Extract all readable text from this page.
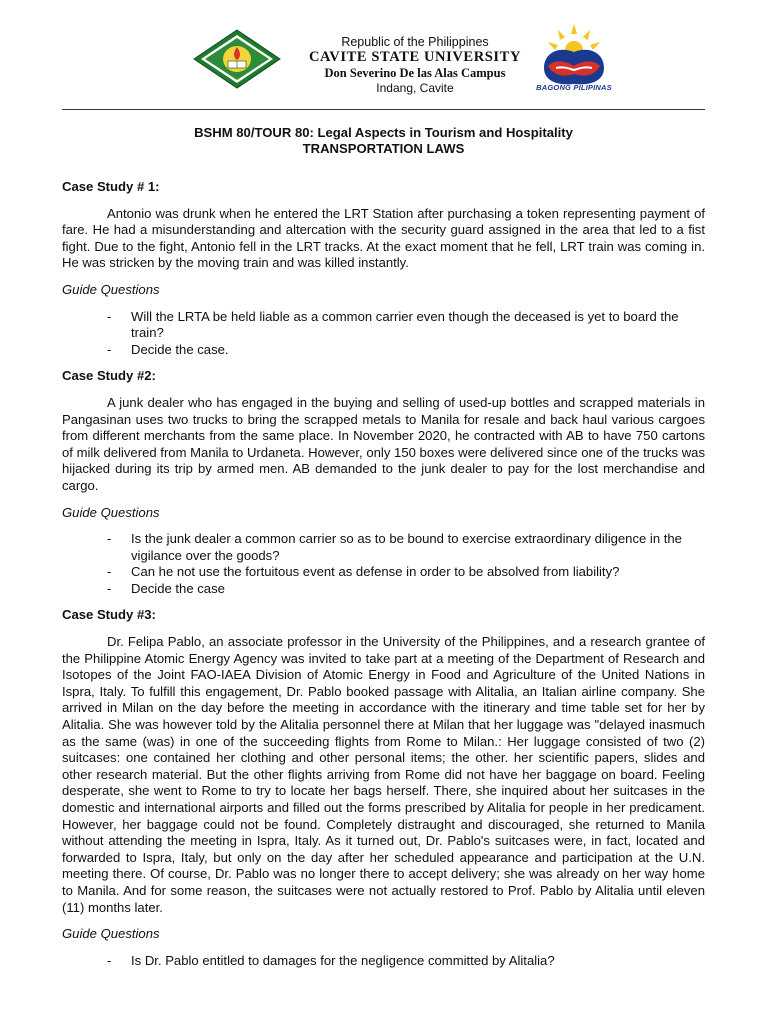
Republic of the Philippines
CAVITE STATE UNIVERSITY
Don Severino De las Alas Campus
Indang, Cavite	BAGONG PILIPINAS

BSHM 80/TOUR 80: Legal Aspects in Tourism and Hospitality

TRANSPORTATION LAWS

Case Study # 1:

Antonio was drunk when he entered the LRT Station after purchasing a token representing payment of fare. He had a misunderstanding and altercation with the security guard assigned in the area that led to a fist fight. Due to the fight, Antonio fell in the LRT tracks. At the exact moment that he fell, LRT train was coming in. He was stricken by the moving train and was killed instantly.

Guide Questions

- Will the LRTA be held liable as a common carrier even though the deceased is yet to board the train?
- Decide the case.

Case Study #2:

A junk dealer who has engaged in the buying and selling of used-up bottles and scrapped materials in Pangasinan uses two trucks to bring the scrapped metals to Manila for resale and back haul various cargoes from different merchants from the same place. In November 2020, he contracted with AB to have 750 cartons of milk delivered from Manila to Urdaneta. However, only 150 boxes were delivered since one of the trucks was hijacked during its trip by armed men. AB demanded to the junk dealer to pay for the lost merchandise and cargo.

Guide Questions

- Is the junk dealer a common carrier so as to be bound to exercise extraordinary diligence in the vigilance over the goods?
- Can he not use the fortuitous event as defense in order to be absolved from liability?
- Decide the case

Case Study #3:

Dr. Felipa Pablo, an associate professor in the University of the Philippines, and a research grantee of the Philippine Atomic Energy Agency was invited to take part at a meeting of the Department of Research and Isotopes of the Joint FAO-IAEA Division of Atomic Energy in Food and Agriculture of the United Nations in Ispra, Italy. To fulfill this engagement, Dr. Pablo booked passage with Alitalia, an Italian airline company. She arrived in Milan on the day before the meeting in accordance with the itinerary and time table set for her by Alitalia. She was however told by the Alitalia personnel there at Milan that her luggage was "delayed inasmuch as the same (was) in one of the succeeding flights from Rome to Milan.: Her luggage consisted of two (2) suitcases: one contained her clothing and other personal items; the other. her scientific papers, slides and other research material. But the other flights arriving from Rome did not have her baggage on board. Feeling desperate, she went to Rome to try to locate her bags herself. There, she inquired about her suitcases in the domestic and international airports and filled out the forms prescribed by Alitalia for people in her predicament. However, her baggage could not be found. Completely distraught and discouraged, she returned to Manila without attending the meeting in Ispra, Italy. As it turned out, Dr. Pablo's suitcases were, in fact, located and forwarded to Ispra, Italy, but only on the day after her scheduled appearance and participation at the U.N. meeting there. Of course, Dr. Pablo was no longer there to accept delivery; she was already on her way home to Manila. And for some reason, the suitcases were not actually restored to Prof. Pablo by Alitalia until eleven (11) months later.

Guide Questions

- Is Dr. Pablo entitled to damages for the negligence committed by Alitalia?
